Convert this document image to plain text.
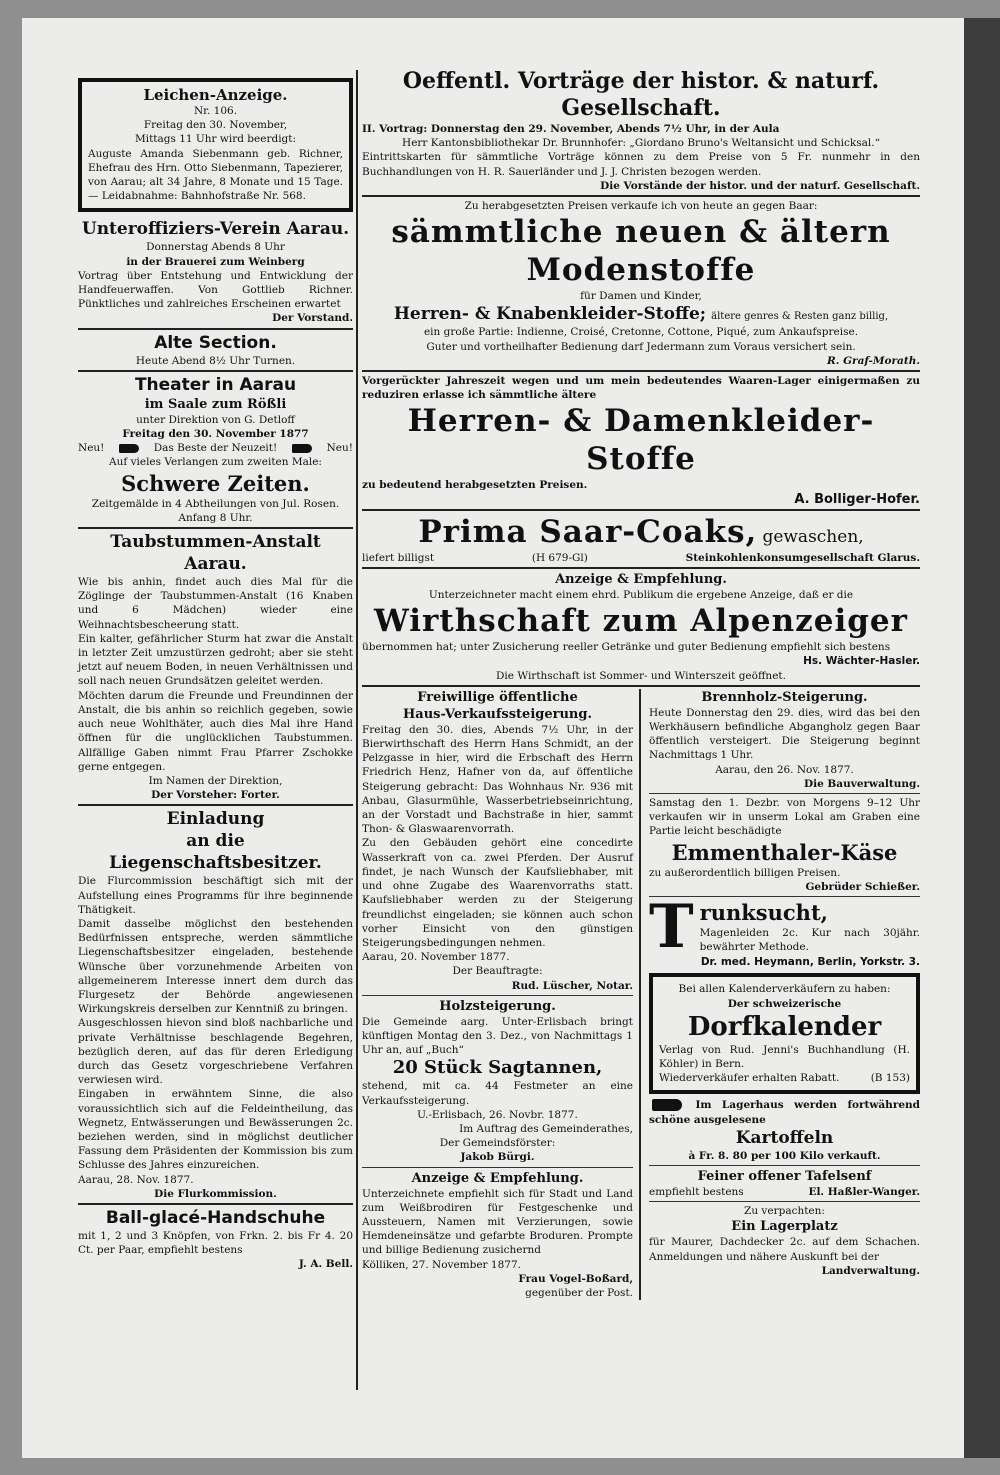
Leichen-Anzeige.
Nr. 106.
Freitag den 30. November,
Mittags 11 Uhr wird beerdigt:
Auguste Amanda Siebenmann geb. Richner, Ehefrau des Hrn. Otto Siebenmann, Tapezierer, von Aarau; alt 34 Jahre, 8 Monate und 15 Tage. — Leidabnahme: Bahnhofstraße Nr. 568.
Unteroffiziers-Verein Aarau.
Donnerstag Abends 8 Uhr
in der Brauerei zum Weinberg
Vortrag über Entstehung und Entwicklung der Handfeuerwaffen. Von Gottlieb Richner. Pünktliches und zahlreiches Erscheinen erwartet
Der Vorstand.
Alte Section.
Heute Abend 8½ Uhr Turnen.
Theater in Aarau
im Saale zum Rößli
unter Direktion von G. Detloff
Freitag den 30. November 1877
Neu!	Das Beste der Neuzeit!	Neu!
Auf vieles Verlangen zum zweiten Male:
Schwere Zeiten.
Zeitgemälde in 4 Abtheilungen von Jul. Rosen.
Anfang 8 Uhr.
Taubstummen-Anstalt Aarau.
Wie bis anhin, findet auch dies Mal für die Zöglinge der Taubstummen-Anstalt (16 Knaben und 6 Mädchen) wieder eine Weihnachtsbescheerung statt.
Ein kalter, gefährlicher Sturm hat zwar die Anstalt in letzter Zeit umzustürzen gedroht; aber sie steht jetzt auf neuem Boden, in neuen Verhältnissen und soll nach neuen Grundsätzen geleitet werden.
Möchten darum die Freunde und Freundinnen der Anstalt, die bis anhin so reichlich gegeben, sowie auch neue Wohlthäter, auch dies Mal ihre Hand öffnen für die unglücklichen Taubstummen. Allfällige Gaben nimmt Frau Pfarrer Zschokke gerne entgegen.
Im Namen der Direktion,
Der Vorsteher: Forter.
Einladung
an die Liegenschaftsbesitzer.
Die Flurcommission beschäftigt sich mit der Aufstellung eines Programms für ihre beginnende Thätigkeit.
Damit dasselbe möglichst den bestehenden Bedürfnissen entspreche, werden sämmtliche Liegenschaftsbesitzer eingeladen, bestehende Wünsche über vorzunehmende Arbeiten von allgemeinerem Interesse innert dem durch das Flurgesetz der Behörde angewiesenen Wirkungskreis derselben zur Kenntniß zu bringen.
Ausgeschlossen hievon sind bloß nachbarliche und private Verhältnisse beschlagende Begehren, bezüglich deren, auf das für deren Erledigung durch das Gesetz vorgeschriebene Verfahren verwiesen wird.
Eingaben in erwähntem Sinne, die also voraussichtlich sich auf die Feldeintheilung, das Wegnetz, Entwässerungen und Bewässerungen 2c. beziehen werden, sind in möglichst deutlicher Fassung dem Präsidenten der Kommission bis zum Schlusse des Jahres einzureichen.
Aarau, 28. Nov. 1877.
Die Flurkommission.
Ball-glacé-Handschuhe
mit 1, 2 und 3 Knöpfen, von Frkn. 2. bis Fr 4. 20 Ct. per Paar, empfiehlt bestens
J. A. Bell.
Oeffentl. Vorträge der histor. & naturf. Gesellschaft.
II. Vortrag: Donnerstag den 29. November, Abends 7½ Uhr, in der Aula
Herr Kantonsbibliothekar Dr. Brunnhofer: „Giordano Bruno's Weltansicht und Schicksal.“
Eintrittskarten für sämmtliche Vorträge können zu dem Preise von 5 Fr. nunmehr in den Buchhandlungen von H. R. Sauerländer und J. J. Christen bezogen werden.
Die Vorstände der histor. und der naturf. Gesellschaft.
Zu herabgesetzten Preisen verkaufe ich von heute an gegen Baar:
sämmtliche neuen & ältern Modenstoffe
für Damen und Kinder,
Herren- & Knabenkleider-Stoffe; ältere genres & Resten ganz billig,
ein große Partie: Indienne, Croisé, Cretonne, Cottone, Piqué, zum Ankaufspreise.
Guter und vortheilhafter Bedienung darf Jedermann zum Voraus versichert sein.
R. Graf-Morath.
Vorgerückter Jahreszeit wegen und um mein bedeutendes Waaren-Lager einigermaßen zu reduziren erlasse ich sämmtliche ältere
Herren- & Damenkleider-Stoffe
zu bedeutend herabgesetzten Preisen.
A. Bolliger-Hofer.
Prima Saar-Coaks, gewaschen,
liefert billigst	(H 679-Gl)	Steinkohlenkonsumgesellschaft Glarus.
Anzeige & Empfehlung.
Unterzeichneter macht einem ehrd. Publikum die ergebene Anzeige, daß er die
Wirthschaft zum Alpenzeiger
übernommen hat; unter Zusicherung reeller Getränke und guter Bedienung empfiehlt sich bestens
Hs. Wächter-Hasler.
Die Wirthschaft ist Sommer- und Winterszeit geöffnet.
Freiwillige öffentliche
Haus-Verkaufssteigerung.
Freitag den 30. dies, Abends 7½ Uhr, in der Bierwirthschaft des Herrn Hans Schmidt, an der Pelzgasse in hier, wird die Erbschaft des Herrn Friedrich Henz, Hafner von da, auf öffentliche Steigerung gebracht: Das Wohnhaus Nr. 936 mit Anbau, Glasurmühle, Wasserbetriebseinrichtung, an der Vorstadt und Bachstraße in hier, sammt Thon- & Glaswaarenvorrath.
Zu den Gebäuden gehört eine concedirte Wasserkraft von ca. zwei Pferden. Der Ausruf findet, je nach Wunsch der Kaufsliebhaber, mit und ohne Zugabe des Waarenvorraths statt. Kaufsliebhaber werden zu der Steigerung freundlichst eingeladen; sie können auch schon vorher Einsicht von den günstigen Steigerungsbedingungen nehmen.
Aarau, 20. November 1877.
Der Beauftragte:
Rud. Lüscher, Notar.
Holzsteigerung.
Die Gemeinde aarg. Unter-Erlisbach bringt künftigen Montag den 3. Dez., von Nachmittags 1 Uhr an, auf „Buch“
20 Stück Sagtannen,
stehend, mit ca. 44 Festmeter an eine Verkaufssteigerung.
U.-Erlisbach, 26. Novbr. 1877.
Im Auftrag des Gemeinderathes,
Der Gemeindsförster:
Jakob Bürgi.
Anzeige & Empfehlung.
Unterzeichnete empfiehlt sich für Stadt und Land zum Weißbrodiren für Festgeschenke und Aussteuern, Namen mit Verzierungen, sowie Hemdeneinsätze und gefarbte Broduren. Prompte und billige Bedienung zusichernd
Kölliken, 27. November 1877.
Frau Vogel-Boßard,
gegenüber der Post.
Brennholz-Steigerung.
Heute Donnerstag den 29. dies, wird das bei den Werkhäusern befindliche Abgangholz gegen Baar öffentlich versteigert. Die Steigerung beginnt Nachmittags 1 Uhr.
Aarau, den 26. Nov. 1877.
Die Bauverwaltung.
Samstag den 1. Dezbr. von Morgens 9–12 Uhr verkaufen wir in unserm Lokal am Graben eine Partie leicht beschädigte
Emmenthaler-Käse
zu außerordentlich billigen Preisen.
Gebrüder Schießer.
T runksucht,
Magenleiden 2c. Kur nach 30jähr. bewährter Methode.
Dr. med. Heymann, Berlin, Yorkstr. 3.
Bei allen Kalenderverkäufern zu haben:
Der schweizerische
Dorfkalender
Verlag von Rud. Jenni's Buchhandlung (H. Köhler) in Bern.
Wiederverkäufer erhalten Rabatt.	(B 153)
Im Lagerhaus werden fortwährend schöne ausgelesene
Kartoffeln
à Fr. 8. 80 per 100 Kilo verkauft.
Feiner offener Tafelsenf
empfiehlt bestens	El. Haßler-Wanger.
Zu verpachten:
Ein Lagerplatz
für Maurer, Dachdecker 2c. auf dem Schachen. Anmeldungen und nähere Auskunft bei der
Landverwaltung.
